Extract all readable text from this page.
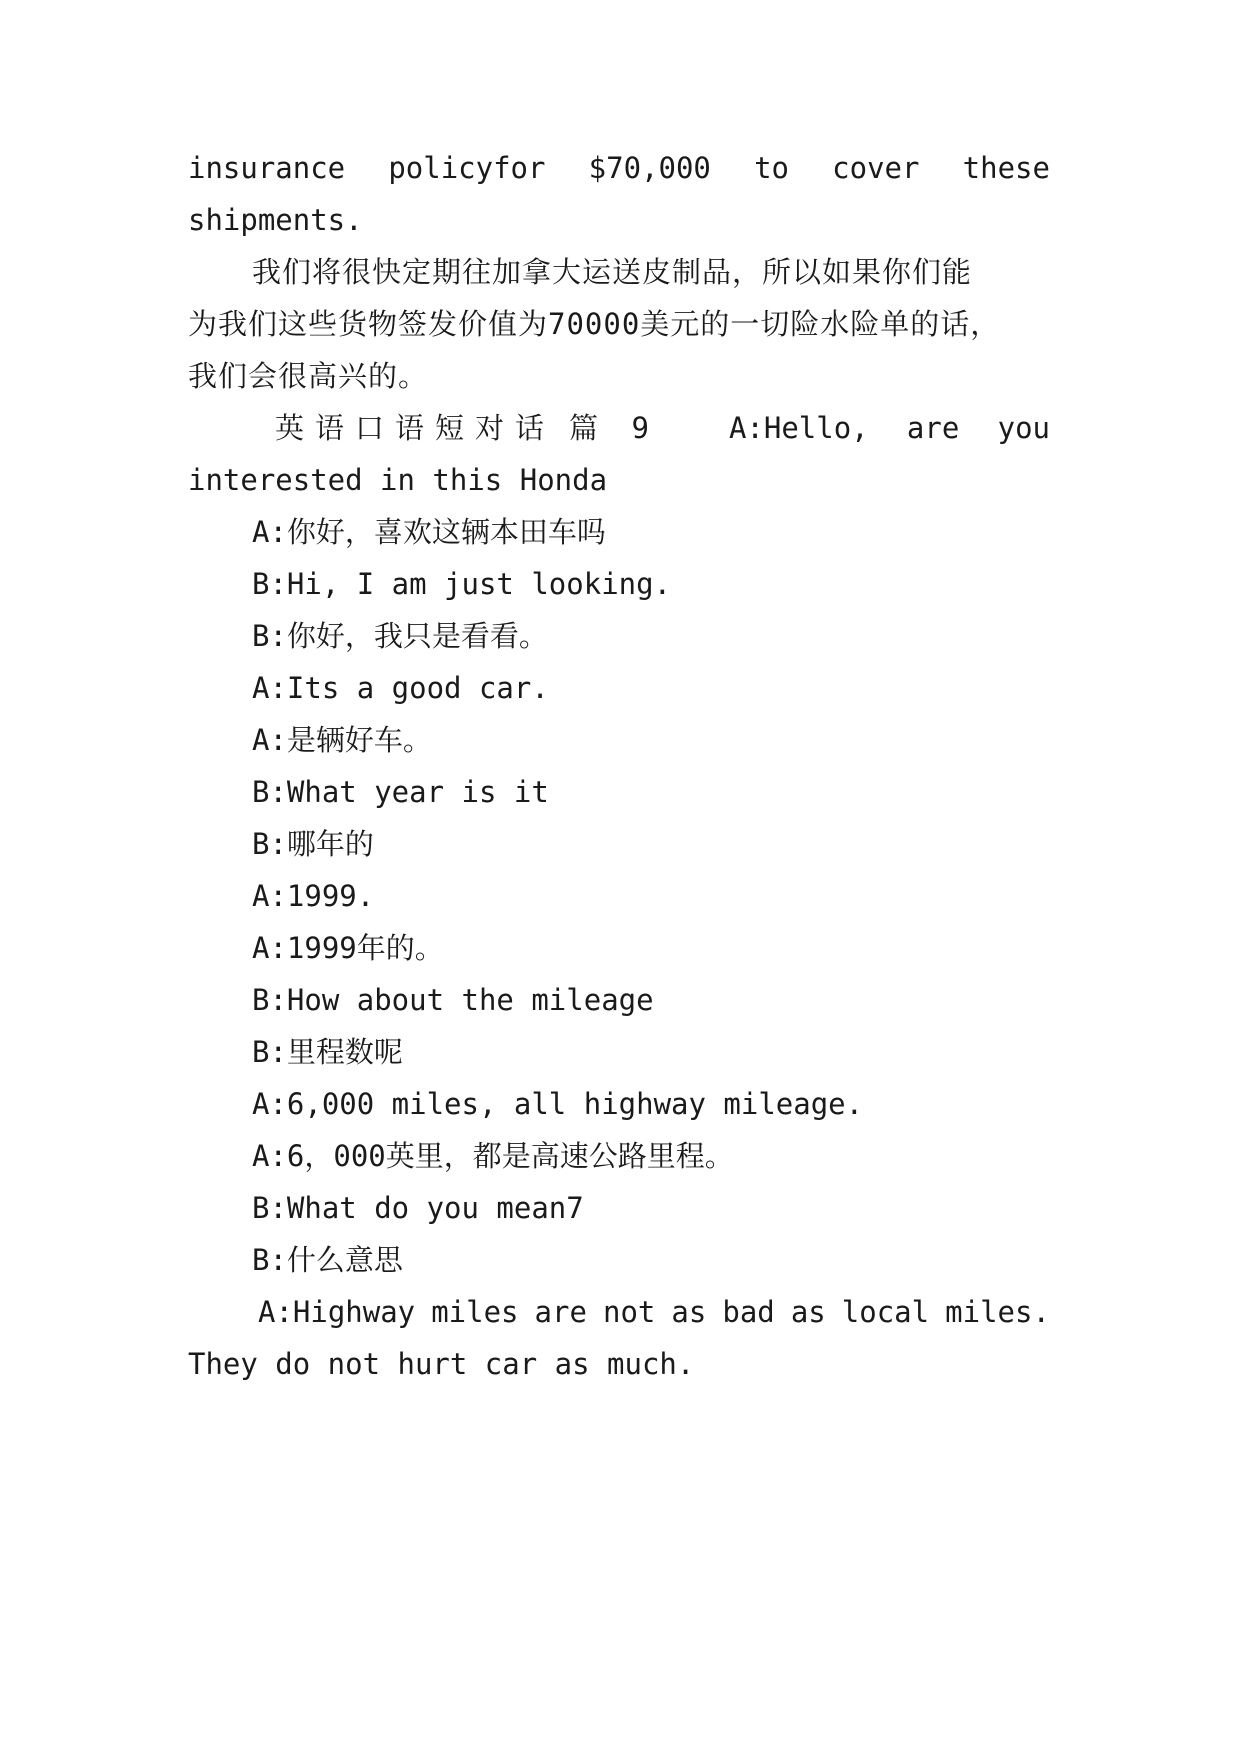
insurance policyfor $70,000 to cover these
shipments.
我们将很快定期往加拿大运送皮制品，所以如果你们能
为我们这些货物签发价值为70000美元的一切险水险单的话，
我们会很高兴的。
英语口语短对话 篇 9 A:Hello, are you
interested in this Honda
A:你好，喜欢这辆本田车吗
B:Hi, I am just looking.
B:你好，我只是看看。
A:Its a good car.
A:是辆好车。
B:What year is it
B:哪年的
A:1999.
A:1999年的。
B:How about the mileage
B:里程数呢
A:6,000 miles, all highway mileage.
A:6，000英里，都是高速公路里程。
B:What do you mean7
B:什么意思
A:Highway miles are not as bad as local miles.
They do not hurt car as much.
